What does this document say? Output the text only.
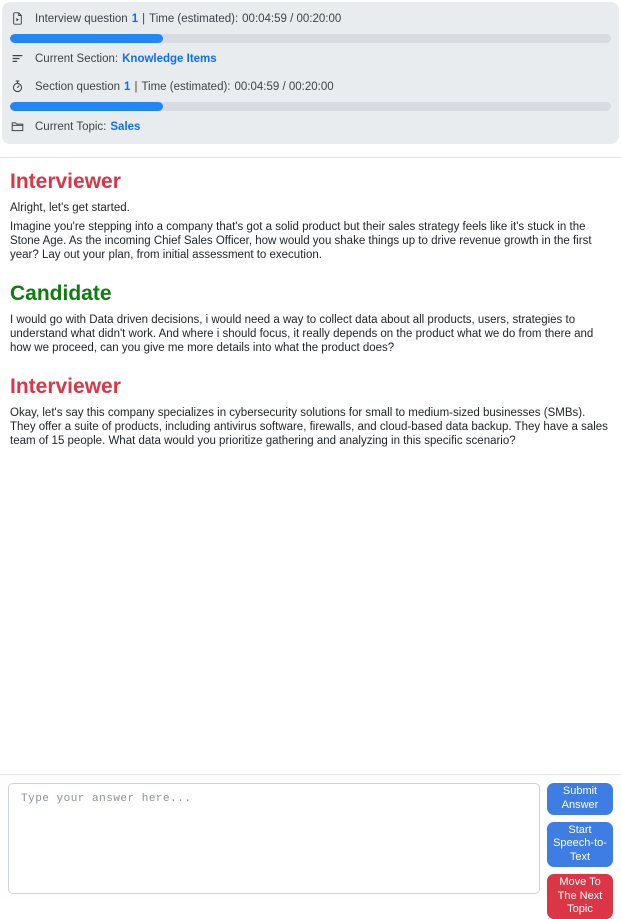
Interview question 1 | Time (estimated): 00:04:59 / 00:20:00
Current Section: Knowledge Items
Section question 1 | Time (estimated): 00:04:59 / 00:20:00
Current Topic: Sales
Interviewer

Alright, let's get started.

Imagine you're stepping into a company that's got a solid product but their sales strategy feels like it's stuck in the Stone Age. As the incoming Chief Sales Officer, how would you shake things up to drive revenue growth in the first year? Lay out your plan, from initial assessment to execution.

Candidate

I would go with Data driven decisions, i would need a way to collect data about all products, users, strategies to understand what didn't work. And where i should focus, it really depends on the product what we do from there and how we proceed, can you give me more details into what the product does?

Interviewer

Okay, let's say this company specializes in cybersecurity solutions for small to medium-sized businesses (SMBs). They offer a suite of products, including antivirus software, firewalls, and cloud-based data backup. They have a sales team of 15 people. What data would you prioritize gathering and analyzing in this specific scenario?

Type your answer here...
Submit Answer
Start Speech-to-Text
Move To The Next Topic
